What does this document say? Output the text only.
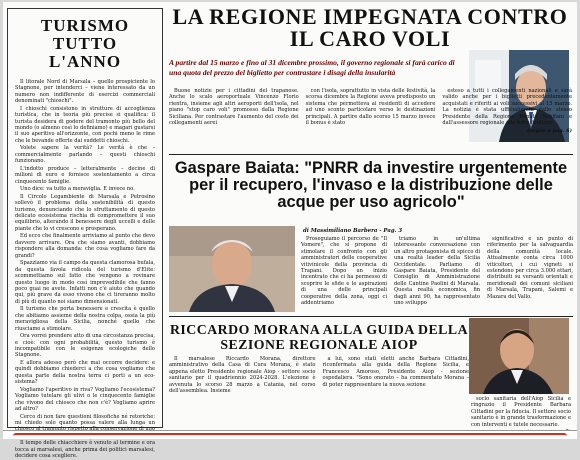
TURISMO TUTTO L'ANNO

Il litorale Nord di Marsala – quello prospiciente lo Stagnone, per intenderci – viene interessato da un numero non indifferente di esercizi commerciali denominati "chioschi".

I chioschi consistono in strutture di accoglienza turistica, che in teoria più precise si qualifica: il turista desidera di godere del tramonto più bello del mondo (o almeno così lo definiamo) e magari gustarsi il suo aperitivo all'orizzonte, con pochi meno le rime che le bevande offerte dai suddetti chioschi.

Volete sapere la verità? Le verità è che – commercialmente parlando – questi chioschi funzionano.

L'indotto produce – letteralmente – decine di milioni di euro e fornisce sostentamento a circa cinquecento famiglie.

Uno dice: va tutto a meraviglia. E invece no.

Il Circolo Legambiente di Marsala e Petrosino sollevò il problema della sostenibilità di questo turismo, denunciando che lo sfruttamento di questo delicato ecosistema rischia di compromettere il suo equilibrio, alterando il benessere degli uccelli e delle piante che lo vi crescono e prosperano.

Ed ecco che finalmente arriviamo al punto che devo davvero arrivare. Ora che siamo avanti, dobbiamo rispondere alla domanda: che cosa vogliamo fare da grandi?

Spazziamo via il campo da questa clamorosa bufala, da questa favola ridicola del turismo d'Elite: scommettiamo sul fatto che vengono a rovinare questo luogo in modo così imprevedibile che fanno poco guai ne avete. Infatti non c'è aiuto che quando qui, più grave da esso vivono che ci tireranno molto di più di quanto noi siamo dimensionati.

Il turismo che porta benessere e crescita è quello che abitiamo assieme della nostra colpa, ossia la più meravigliosa della Sicilia, nonché quello che riusciamo a stimolare.

Ora vorrei prendere atto di una circostanza precisa, e cioè: con ogni probabilità, questo turismo è incompatibile con le esigenze ecologiche dello Stagnone.

E allora adesso però che mai occorre decidere: e quindi dobbiamo chiederci a che cosa vogliamo che questa parte della nostra terra ci porti a un eco-sistema?

Vogliamo l'aperitivo in riva? Vogliamo l'ecosistema? Vogliamo tutelare gli ulivi o le cinquecento famiglie che vivono del chiosco che non c'è? Vogliamo aprire ad altro?

Cerco di non fare questioni filosofiche né retoriche: mi chiedo solo quanto possa valere alla lunga un

Il tempo delle chiacchiere è venuto al termine e ora tocca ai marsalesi, anche prima dei politici marsalesi, decidere cosa scegliere.

LA REGIONE IMPEGNATA CONTRO IL CARO VOLI
A partire dal 15 marzo e fino al 31 dicembre prossimo, il governo regionale si farà carico di una quota del prezzo del biglietto per contrastare i disagi della insularità

Buone notizie per i cittadini del trapanese. Anche lo scalo aeroportuale Vincenzo Florio rientra, insieme agli altri aeroporti dell'isola, nel piano "stop caro voli" promosso dalla Regione Siciliana. Per contrastare l'aumento del costo dei collegamenti aerei

con l'isola, soprattutto in vista delle festività, la scorsa dicembre la Regione aveva predisposto un sistema che permetteva ai residenti di accedere ad uno sconto particolare verso le destinazioni principali. A partire dallo scorso 15 marzo invece il bonus è stato

esteso a tutti i collegamenti nazionali e sarà valido anche per i biglietti precedentemente acquistati e riferiti ai voli successivi al 15 marzo. La notizia è stata ufficializzata dallo stesso Presidente della Regione Renato Schifani e dall'assessore regionale alle Infrastrutture

(segue a pag. 6)
Gaspare Baiata: "PNRR da investire urgentemente per il recupero, l'invaso e la distribuzione delle acque per uso agricolo"
di Massimiliano Barbera - Pag. 3

Proseguiamo il percorso de "Il Vomere", che si propone di stimolare il confronto con gli amministratori delle cooperative vitivinicole della provincia di Trapani. Dopo un inizio incentrato che ci ha permesso di scoprire le sfide e le aspirazioni di una delle principali cooperative della zona, oggi ci addentriamo

triamo in un'ultima interessante conversazione con un altro protagonista di spicco di una realtà leader della Sicilia Occidentale. Parliamo di Gaspare Baiata, Presidente del Consiglio di Amministrazione delle Cantine Paolini di Marsala. Questa realtà economica, fin dagli anni 90, ha rappresentato uno sviluppo

significativo e un punto di riferimento per la salvaguardia della comunità locale. Attualmente conta circa 1000 viticoltori, i cui vigneti si estendono per circa 3.000 ettari, distribuiti su versanti orientali e meridionali dei comuni siciliani di Marsala, Trapani, Salemi e Mazara del Vallo.

RICCARDO MORANA ALLA GUIDA DELLA SEZIONE REGIONALE AIOP

Il marsalese Riccardo Morana, direttore amministrativo della Casa di Cura Morana, è stato appena eletto Presidente regionale Aiop - settore socio sanitario per il quadriennio 2024-2028. L'elezione è avvenuta lo scorso 28 marzo a Catania, nel corso dell'assemblea. Insieme

a lui, sono stati eletti anche Barbara Cittadini, riconfermata alla guida della Regione Sicilia, e Francesco Amoroso, Presidente Aiop - sezione ospedaliera. "Sono onorato – ha commentato Morana – di poter rappresentare la nuova sezione

socio sanitaria dell'Aiop Sicilia e ringrazio il Presidente Barbara Cittadini per la fiducia. Il settore socio sanitario è in grande trasformazione e con interventi e tutele necessarie.
